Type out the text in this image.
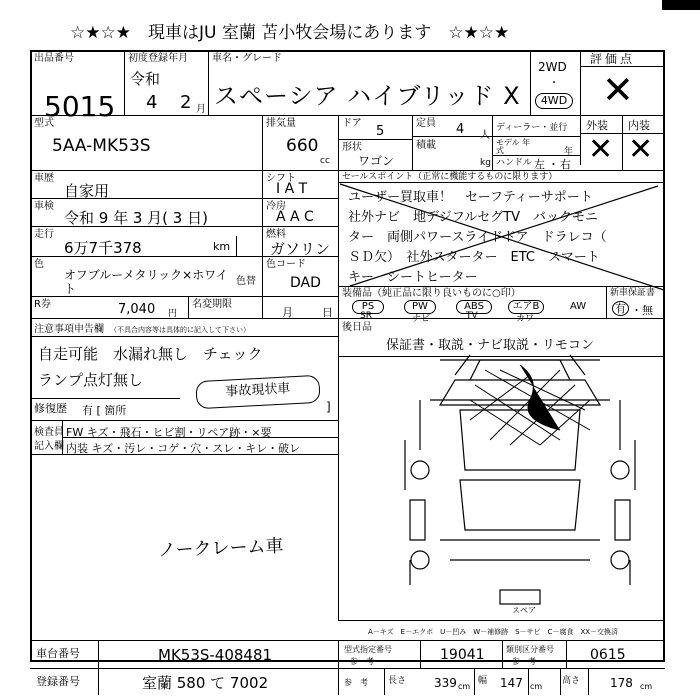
☆★☆★　現車はJU 室蘭 苫小牧会場にあります　☆★☆★
出品番号
5015
初度登録年月
令和
4 2 月
車名・グレード
スペーシア ハイブリッド X
2WD
・
4WD
評価点
✕
型式
5AA-MK53S
排気量
660
cc
ドア
5
形状
ワゴン
定員 4 人
積載
kg
ディーラー・並行
モデル 年式	年
ハンドル 左 ・ 右
外装 内装
✕ ✕
車歴
自家用
シフト
I A T
車検
令和 9 年 3 月( 3 日)
冷房
A A C
走行
6万7千378	km
燃料
ガソリン
色
オフブルーメタリック×ホワイト
色替
色コード
DAD
R券	7,040 円
名変期限
月	日
セールスポイント（正常に機能するものに限ります）
ユーザー買取車！　セーフティーサポート
社外ナビ　地デジフルセグTV　バックモニ
ター　両側パワースライドドア　ドラレコ（
ＳＤ欠）　社外スターター　ETC　スマート
キー　シートヒーター
装備品（純正品に限り良いものに○印）	新車保証書
有 ・ 無
PS	PW	ABS	エアB	AW
SR	ナビ	TV	カワ
後日品
保証書・取説・ナビ取説・リモコン
注意事項申告欄 （不具合内容等は具体的に記入して下さい）
自走可能　水漏れ無し　チェック
ランプ点灯無し
事故現状車
修復歴 有 [ 箇所	]
検査員
記入欄
FW キズ・飛石・ヒビ割・リペア跡・×要
内装 キズ・汚レ・コゲ・穴・スレ・キレ・破レ
ノークレーム車
スペア
A－キズ　E－エクボ　U－凹み　W－補修跡　S－サビ　C－腐食　XX－交換済
車台番号	MK53S-408481
登録番号	室蘭 580 て 7002
型式指定番号
参　考	19041	類別区分番号
参　考	0615
参　考 長さ 339 cm
幅 147 cm
高さ 178 cm
